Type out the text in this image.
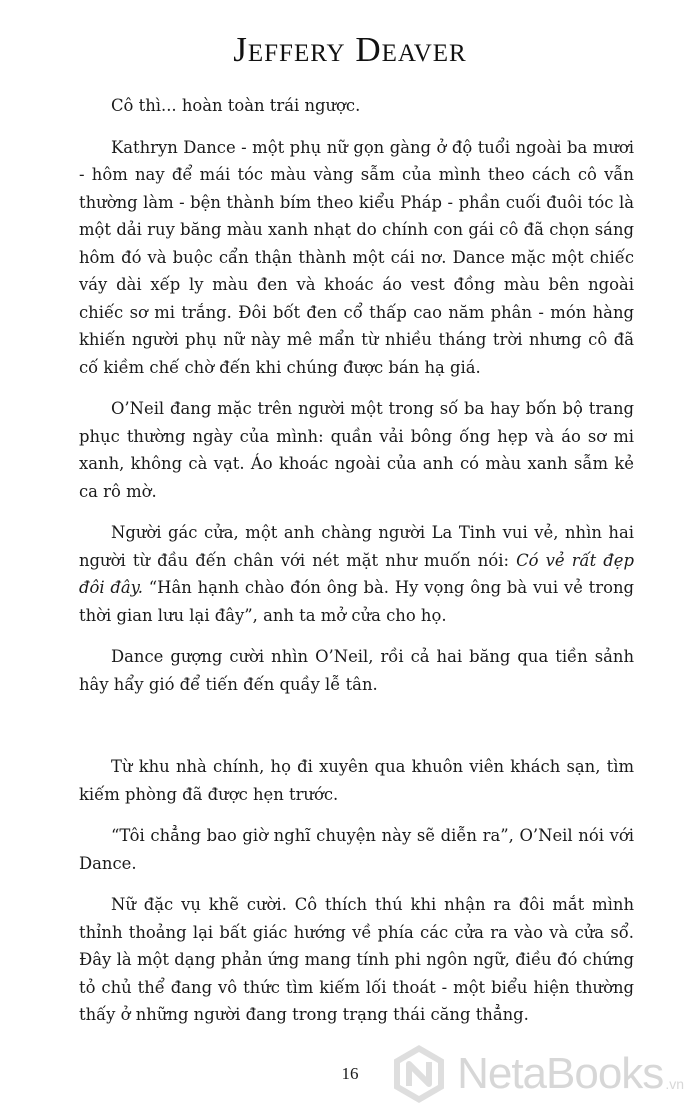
Jeffery Deaver

Cô thì... hoàn toàn trái ngược.

Kathryn Dance - một phụ nữ gọn gàng ở độ tuổi ngoài ba mươi - hôm nay để mái tóc màu vàng sẫm của mình theo cách cô vẫn thường làm - bện thành bím theo kiểu Pháp - phần cuối đuôi tóc là một dải ruy băng màu xanh nhạt do chính con gái cô đã chọn sáng hôm đó và buộc cẩn thận thành một cái nơ. Dance mặc một chiếc váy dài xếp ly màu đen và khoác áo vest đồng màu bên ngoài chiếc sơ mi trắng. Đôi bốt đen cổ thấp cao năm phân - món hàng khiến người phụ nữ này mê mẩn từ nhiều tháng trời nhưng cô đã cố kiềm chế chờ đến khi chúng được bán hạ giá.

O’Neil đang mặc trên người một trong số ba hay bốn bộ trang phục thường ngày của mình: quần vải bông ống hẹp và áo sơ mi xanh, không cà vạt. Áo khoác ngoài của anh có màu xanh sẫm kẻ ca rô mờ.

Người gác cửa, một anh chàng người La Tinh vui vẻ, nhìn hai người từ đầu đến chân với nét mặt như muốn nói: Có vẻ rất đẹp đôi đây. “Hân hạnh chào đón ông bà. Hy vọng ông bà vui vẻ trong thời gian lưu lại đây”, anh ta mở cửa cho họ.

Dance gượng cười nhìn O’Neil, rồi cả hai băng qua tiền sảnh hây hẩy gió để tiến đến quầy lễ tân.

Từ khu nhà chính, họ đi xuyên qua khuôn viên khách sạn, tìm kiếm phòng đã được hẹn trước.

“Tôi chẳng bao giờ nghĩ chuyện này sẽ diễn ra”, O’Neil nói với Dance.

Nữ đặc vụ khẽ cười. Cô thích thú khi nhận ra đôi mắt mình thỉnh thoảng lại bất giác hướng về phía các cửa ra vào và cửa sổ. Đây là một dạng phản ứng mang tính phi ngôn ngữ, điều đó chứng tỏ chủ thể đang vô thức tìm kiếm lối thoát - một biểu hiện thường thấy ở những người đang trong trạng thái căng thẳng.

16	NetaBooks .vn
